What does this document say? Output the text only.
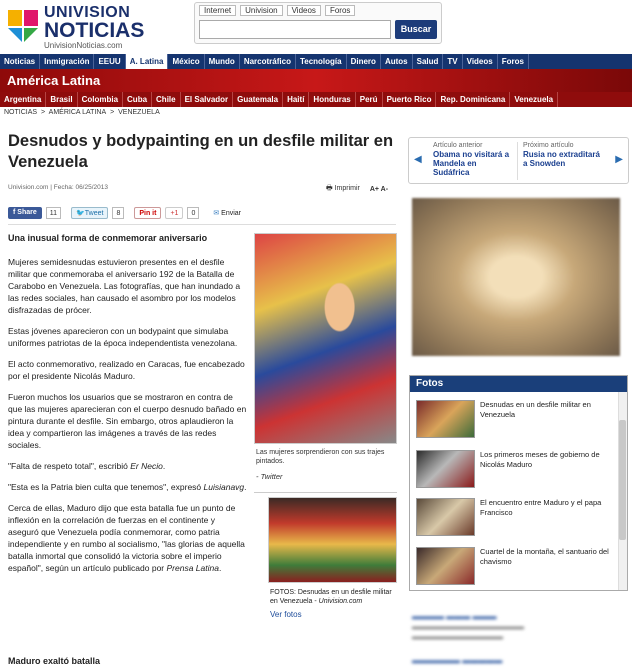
UNIVISION
NOTICIAS
UnivisionNoticias.com
Internet	Univision	Videos	Foros
Buscar
Noticias	Inmigración	EEUU	A. Latina	México	Mundo	Narcotráfico	Tecnología	Dinero	Autos	Salud	TV	Videos	Foros
América Latina
Argentina	Brasil	Colombia	Cuba	Chile	El Salvador	Guatemala	Haití	Honduras	Perú	Puerto Rico	Rep. Dominicana	Venezuela
NOTICIAS > AMÉRICA LATINA > VENEZUELA
Desnudos y bodypainting en un desfile militar en Venezuela
Univision.com | Fecha: 06/25/2013	🖶 Imprimir A+ A-
f Share	11	🐦Tweet	8	Pin it	+1	0	✉ Enviar
Una inusual forma de conmemorar aniversario

Mujeres semidesnudas estuvieron presentes en el desfile militar que conmemoraba el aniversario 192 de la Batalla de Carabobo en Venezuela. Las fotografías, que han inundado a las redes sociales, han causado el asombro por los modelos disfrazadas de prócer.

Estas jóvenes aparecieron con un bodypaint que simulaba uniformes patriotas de la época independentista venezolana.

El acto conmemorativo, realizado en Caracas, fue encabezado por el presidente Nicolás Maduro.

Fueron muchos los usuarios que se mostraron en contra de que las mujeres aparecieran con el cuerpo desnudo bañado en pintura durante el desfile. Sin embargo, otros aplaudieron la idea y compartieron las imágenes a través de las redes sociales.

"Falta de respeto total", escribió Er Necio.

"Esta es la Patria bien culta que tenemos", expresó Luisianavg.

Cerca de ellas, Maduro dijo que esta batalla fue un punto de inflexión en la correlación de fuerzas en el continente y aseguró que Venezuela podía conmemorar, como patria independiente y en rumbo al socialismo, "las glorias de aquella batalla inmortal que consolidó la victoria sobre el imperio español", según un artículo publicado por Prensa Latina.

Maduro exaltó batalla
Las mujeres sorprendieron con sus trajes pintados.
- Twitter
FOTOS: Desnudas en un desfile militar en Venezuela - Univision.com
Ver fotos
◀
Artículo anterior
Obama no visitará a Mandela en Sudáfrica
Próximo artículo
Rusia no extraditará a Snowden	▶
Fotos
Desnudas en un desfile militar en Venezuela
Los primeros meses de gobierno de Nicolás Maduro
El encuentro entre Maduro y el papa Francisco
Cuartel de la montaña, el santuario del chavismo
▬▬▬▬ ▬▬▬ ▬▬▬
▬▬▬▬▬▬▬▬▬▬▬▬▬▬▬▬
▬▬▬▬▬▬▬▬▬▬▬▬▬
▬▬▬▬▬▬ ▬▬▬▬▬
